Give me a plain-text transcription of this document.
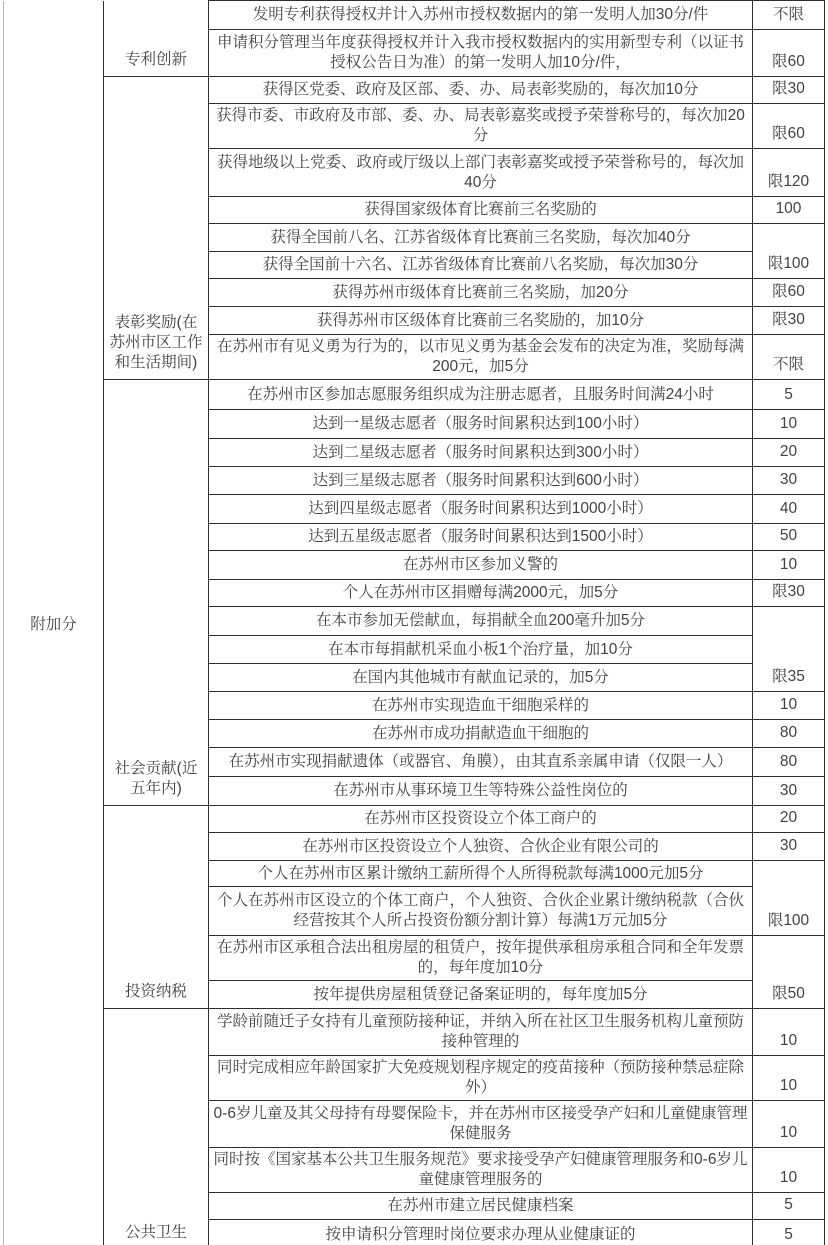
附加分	专利创新	发明专利获得授权并计入苏州市授权数据内的第一发明人加30分/件	不限
		申请积分管理当年度获得授权并计入我市授权数据内的实用新型专利（以证书授权公告日为准）的第一发明人加10分/件，	限60
	表彰奖励(在苏州市区工作和生活期间)	获得区党委、政府及区部、委、办、局表彰奖励的，每次加10分	限30
		获得市委、市政府及市部、委、办、局表彰嘉奖或授予荣誉称号的，每次加20分	限60
		获得地级以上党委、政府或厅级以上部门表彰嘉奖或授予荣誉称号的，每次加40分	限120
		获得国家级体育比赛前三名奖励的	100
		获得全国前八名、江苏省级体育比赛前三名奖励，每次加40分	限100
		获得全国前十六名、江苏省级体育比赛前八名奖励，每次加30分	
		获得苏州市级体育比赛前三名奖励，加20分	限60
		获得苏州市区级体育比赛前三名奖励的，加10分	限30
		在苏州市有见义勇为行为的，以市见义勇为基金会发布的决定为准，奖励每满200元，加5分	不限
	社会贡献(近五年内)	在苏州市区参加志愿服务组织成为注册志愿者，且服务时间满24小时	5
		达到一星级志愿者（服务时间累积达到100小时）	10
		达到二星级志愿者（服务时间累积达到300小时）	20
		达到三星级志愿者（服务时间累积达到600小时）	30
		达到四星级志愿者（服务时间累积达到1000小时）	40
		达到五星级志愿者（服务时间累积达到1500小时）	50
		在苏州市区参加义警的	10
		个人在苏州市区捐赠每满2000元，加5分	限30
		在本市参加无偿献血，每捐献全血200毫升加5分	限35
		在本市每捐献机采血小板1个治疗量，加10分	
		在国内其他城市有献血记录的，加5分	
		在苏州市实现造血干细胞采样的	10
		在苏州市成功捐献造血干细胞的	80
		在苏州市实现捐献遗体（或器官、角膜），由其直系亲属申请（仅限一人）	80
		在苏州市从事环境卫生等特殊公益性岗位的	30
	投资纳税	在苏州市区投资设立个体工商户的	20
		在苏州市区投资设立个人独资、合伙企业有限公司的	30
		个人在苏州市区累计缴纳工薪所得个人所得税款每满1000元加5分	限100
		个人在苏州市区设立的个体工商户，个人独资、合伙企业累计缴纳税款（合伙经营按其个人所占投资份额分割计算）每满1万元加5分	
		在苏州市区承租合法出租房屋的租赁户，按年提供承租房承租合同和全年发票的，每年度加10分	限50
		按年提供房屋租赁登记备案证明的，每年度加5分	
	公共卫生	学龄前随迁子女持有儿童预防接种证，并纳入所在社区卫生服务机构儿童预防接种管理的	10
		同时完成相应年龄国家扩大免疫规划程序规定的疫苗接种（预防接种禁忌症除外）	10
		0-6岁儿童及其父母持有母婴保险卡，并在苏州市区接受孕产妇和儿童健康管理保健服务	10
		同时按《国家基本公共卫生服务规范》要求接受孕产妇健康管理服务和0-6岁儿童健康管理服务的	10
		在苏州市建立居民健康档案	5
		按申请积分管理时岗位要求办理从业健康证的	5
